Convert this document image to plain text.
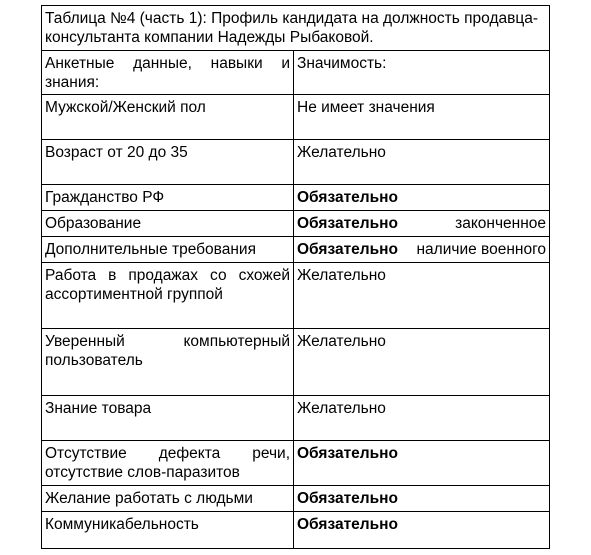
Таблица №4 (часть 1): Профиль кандидата на должность продавца-консультанта компании Надежды Рыбаковой.	
Анкетные данные, навыки и знания:	Значимость:
Мужской/Женский пол	Не имеет значения
Возраст от 20 до 35	Желательно
Гражданство РФ	Обязательно
Образование	Обязательно законченное

Дополнительные требования	Обязательно наличие военного

Работа в продажах со схожей ассортиментной группой	Желательно
Уверенный компьютерный пользователь	Желательно
Знание товара	Желательно
Отсутствие дефекта речи, отсутствие слов-паразитов	Обязательно
Желание работать с людьми	Обязательно
Коммуникабельность	Обязательно
